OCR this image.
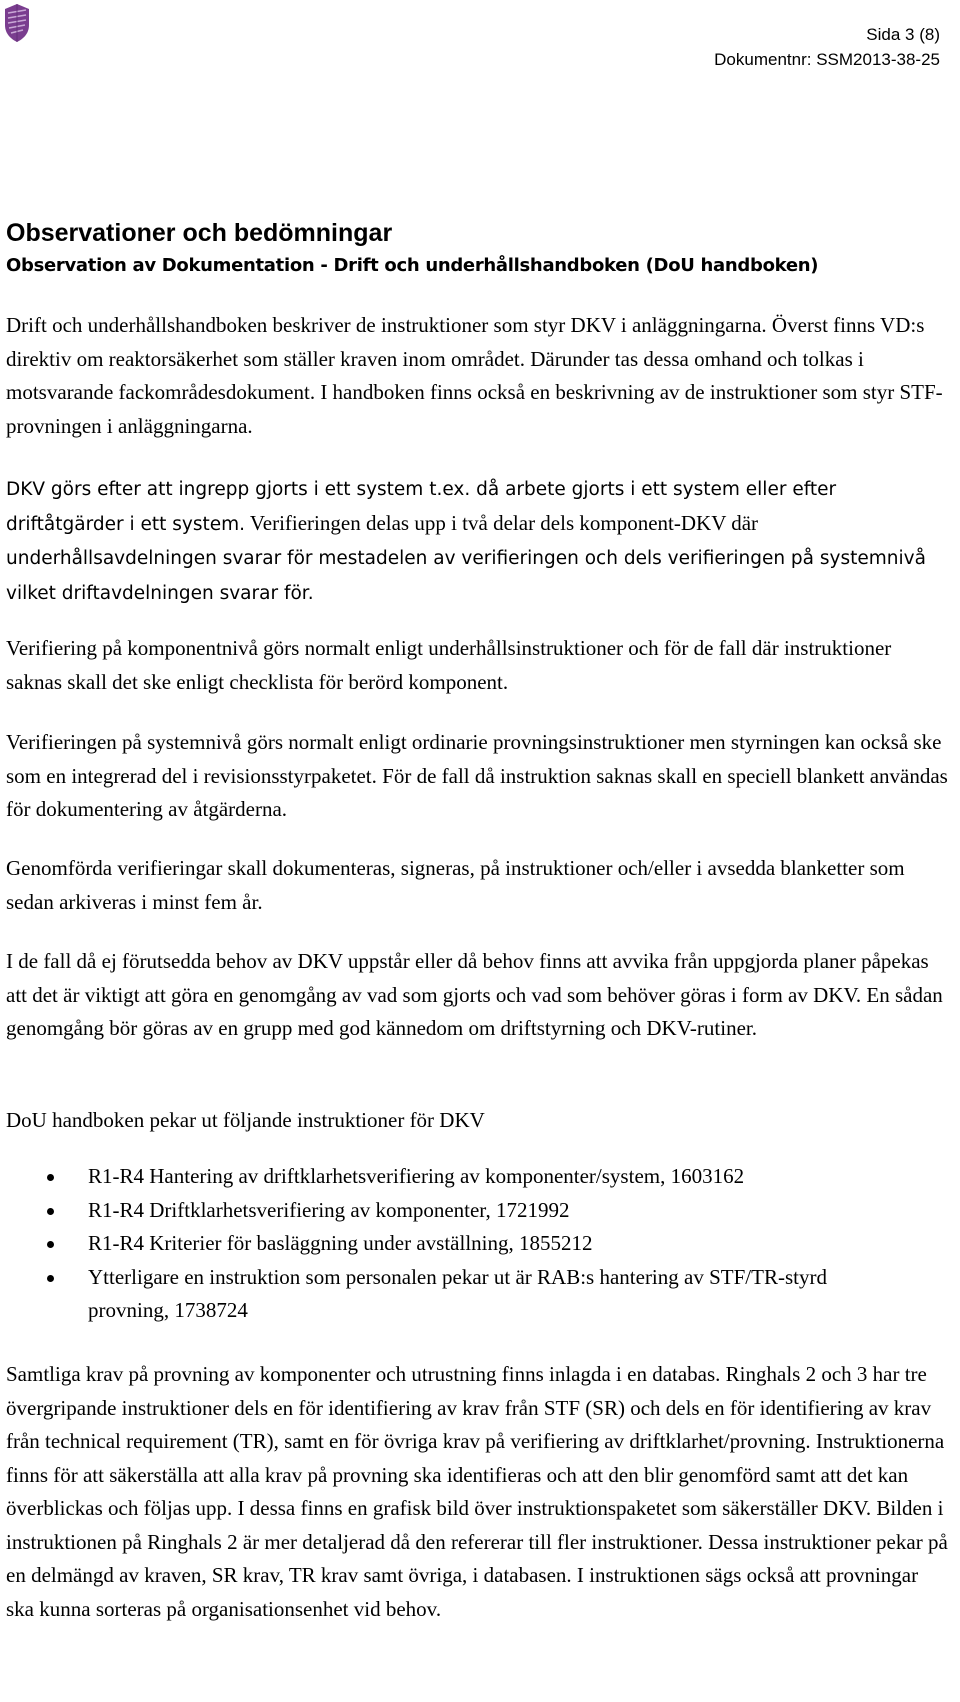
Sida 3 (8)
Dokumentnr: SSM2013-38-25
Observationer och bedömningar
Observation av Dokumentation - Drift och underhållshandboken (DoU handboken)

Drift och underhållshandboken beskriver de instruktioner som styr DKV i anläggningarna. Överst finns VD:s direktiv om reaktorsäkerhet som ställer kraven inom området. Därunder tas dessa omhand och tolkas i motsvarande fackområdesdokument. I handboken finns också en beskrivning av de instruktioner som styr STF-provningen i anläggningarna.

DKV görs efter att ingrepp gjorts i ett system t.ex. då arbete gjorts i ett system eller efter driftåtgärder i ett system. Verifieringen delas upp i två delar dels komponent-DKV där underhållsavdelningen svarar för mestadelen av verifieringen och dels verifieringen på systemnivå vilket driftavdelningen svarar för.

Verifiering på komponentnivå görs normalt enligt underhållsinstruktioner och för de fall där instruktioner saknas skall det ske enligt checklista för berörd komponent.

Verifieringen på systemnivå görs normalt enligt ordinarie provningsinstruktioner men styrningen kan också ske som en integrerad del i revisionsstyrpaketet. För de fall då instruktion saknas skall en speciell blankett användas för dokumentering av åtgärderna.

Genomförda verifieringar skall dokumenteras, signeras, på instruktioner och/eller i avsedda blanketter som sedan arkiveras i minst fem år.

I de fall då ej förutsedda behov av DKV uppstår eller då behov finns att avvika från uppgjorda planer påpekas att det är viktigt att göra en genomgång av vad som gjorts och vad som behöver göras i form av DKV. En sådan genomgång bör göras av en grupp med god kännedom om driftstyrning och DKV-rutiner.

DoU handboken pekar ut följande instruktioner för DKV

R1-R4 Hantering av driftklarhetsverifiering av komponenter/system, 1603162
R1-R4 Driftklarhetsverifiering av komponenter, 1721992
R1-R4 Kriterier för basläggning under avställning, 1855212
Ytterligare en instruktion som personalen pekar ut är RAB:s hantering av STF/TR-styrd provning, 1738724

Samtliga krav på provning av komponenter och utrustning finns inlagda i en databas. Ringhals 2 och 3 har tre övergripande instruktioner dels en för identifiering av krav från STF (SR) och dels en för identifiering av krav från technical requirement (TR), samt en för övriga krav på verifiering av driftklarhet/provning. Instruktionerna finns för att säkerställa att alla krav på provning ska identifieras och att den blir genomförd samt att det kan överblickas och följas upp. I dessa finns en grafisk bild över instruktionspaketet som säkerställer DKV. Bilden i instruktionen på Ringhals 2 är mer detaljerad då den refererar till fler instruktioner. Dessa instruktioner pekar på en delmängd av kraven, SR krav, TR krav samt övriga, i databasen. I instruktionen sägs också att provningar ska kunna sorteras på organisationsenhet vid behov.
